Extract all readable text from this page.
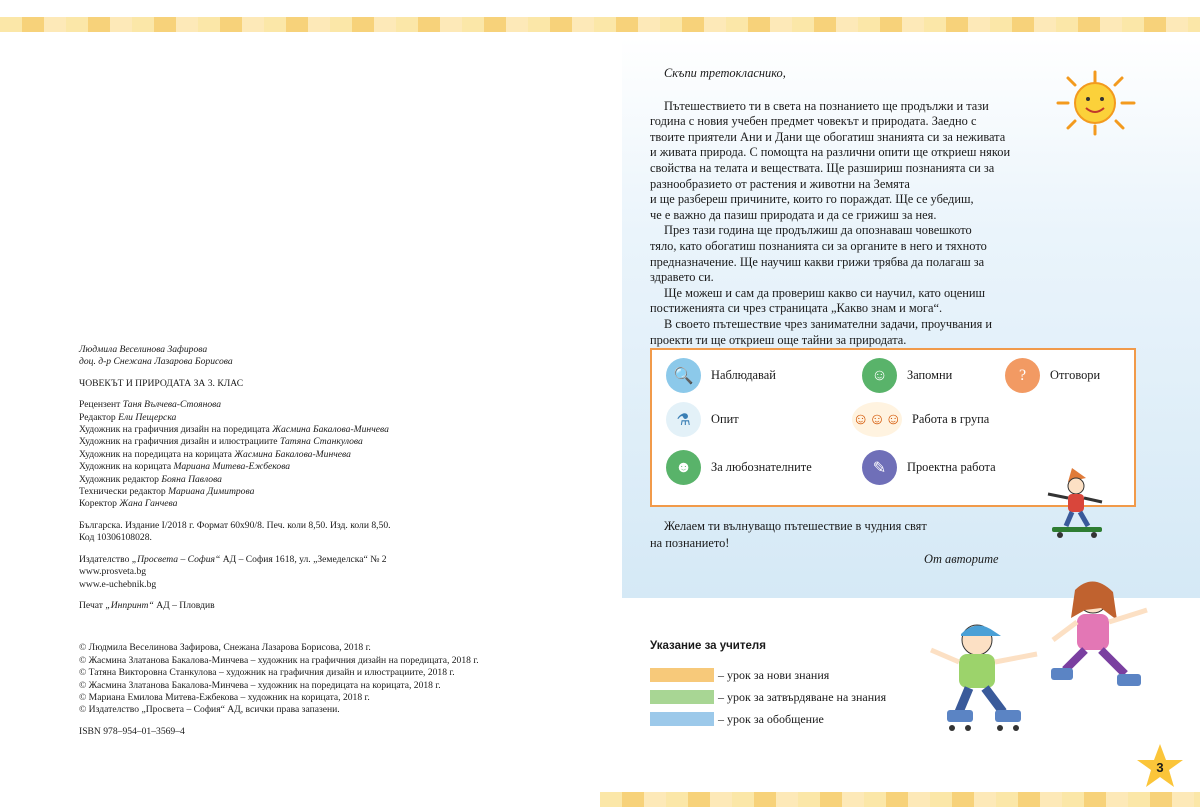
Людмила Веселинова Зафирова

доц. д-р Снежана Лазарова Борисова

ЧОВЕКЪТ И ПРИРОДАТА ЗА 3. КЛАС

Рецензент Таня Вълчева-Стоянова

Редактор Ели Пещерска

Художник на графичния дизайн на поредицата Жасмина Бакалова-Минчева

Художник на графичния дизайн и илюстрациите Татяна Станкулова

Художник на поредицата на корицата Жасмина Бакалова-Минчева

Художник на корицата Мариана Митева-Ежбекова

Художник редактор Бояна Павлова

Технически редактор Мариана Димитрова

Коректор Жана Ганчева

Българска. Издание I/2018 г. Формат 60х90/8. Печ. коли 8,50. Изд. коли 8,50.

Код 10306108028.

Издателство „Просвета – София“ АД – София 1618, ул. „Земеделска“ № 2

www.prosveta.bg

www.e-uchebnik.bg

Печат „Инпринт“ АД – Пловдив

© Людмила Веселинова Зафирова, Снежана Лазарова Борисова, 2018 г.

© Жасмина Златанова Бакалова-Минчева – художник на графичния дизайн на поредицата, 2018 г.

© Татяна Викторовна Станкулова – художник на графичния дизайн и илюстрациите, 2018 г.

© Жасмина Златанова Бакалова-Минчева – художник на поредицата на корицата, 2018 г.

© Мариана Емилова Митева-Ежбекова – художник на корицата, 2018 г.

© Издателство „Просвета – София“ АД, всички права запазени.

ISBN 978–954–01–3569–4

Скъпи третокласнико,

Пътешествието ти в света на познанието ще продължи и тази

година с новия учебен предмет човекът и природата. Заедно с

твоите приятели Ани и Дани ще обогатиш знанията си за неживата

и живата природа. С помощта на различни опити ще откриеш някои

свойства на телата и веществата. Ще разшириш познанията си за

разнообразието от растения и животни на Земята

и ще разбереш причините, които го пораждат. Ще се убедиш,

че е важно да пазиш природата и да се грижиш за нея.

През тази година ще продължиш да опознаваш човешкото

тяло, като обогатиш познанията си за органите в него и тяхното

предназначение. Ще научиш какви грижи трябва да полагаш за

здравето си.

Ще можеш и сам да провериш какво си научил, като оцениш

постиженията си чрез страницата „Какво знам и мога“.

В своето пътешествие чрез занимателни задачи, проучвания и

проекти ти ще откриеш още тайни за природата.

🔍	Наблюдавай	☺	Запомни	?	Отговори
⚗	Опит	☺☺☺ Работа в група
☻	За любознателните	✎	Проектна работа

Желаем ти вълнуващо пътешествие в чудния свят

на познанието!

От авторите
Указание за учителя
– урок за нови знания
– урок за затвърдяване на знания
– урок за обобщение
3
